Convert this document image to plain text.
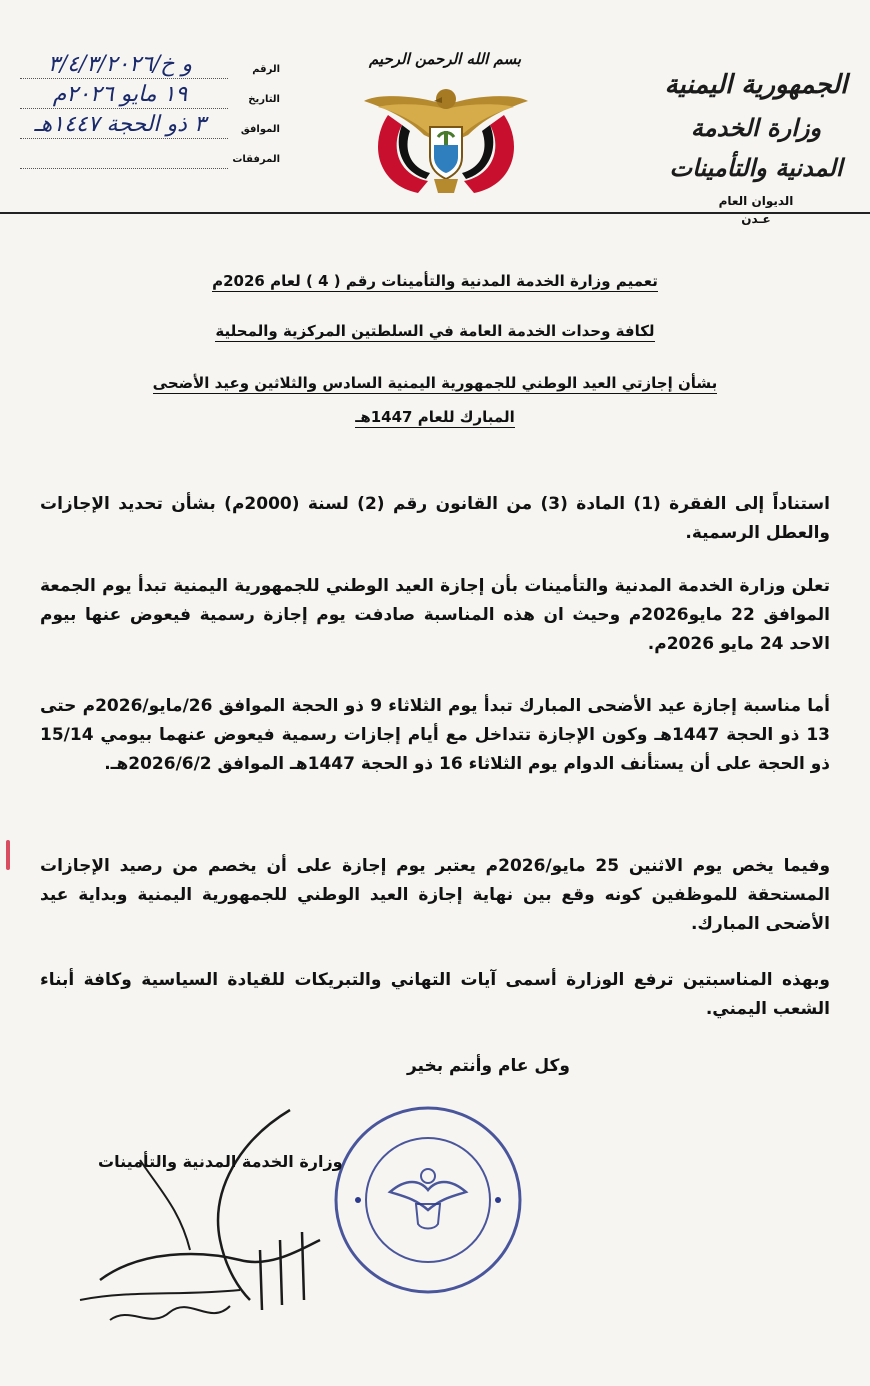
الجمهورية اليمنية
وزارة الخدمة المدنية والتأمينات
الديوان العام
عـدن
بسم الله الرحمن الرحيم
الرقم
و خ/٣/٤/٣/٢٠٢٦
التاريخ
١٩ مايو ٢٠٢٦م
الموافق
٣ ذو الحجة ١٤٤٧هـ
المرفقات
تعميم وزارة الخدمة المدنية والتأمينات رقم ( 4 ) لعام 2026م
لكافة وحدات الخدمة العامة في السلطتين المركزية والمحلية
بشأن إجازتي العيد الوطني للجمهورية اليمنية السادس والثلاثين وعيد الأضحى
المبارك للعام 1447هـ
استناداً إلى الفقرة (1) المادة (3) من القانون رقم (2) لسنة (2000م) بشأن تحديد الإجازات والعطل الرسمية.
تعلن وزارة الخدمة المدنية والتأمينات بأن إجازة العيد الوطني للجمهورية اليمنية تبدأ يوم الجمعة الموافق 22 مايو2026م وحيث ان هذه المناسبة صادفت يوم إجازة رسمية فيعوض عنها بيوم الاحد 24 مايو 2026م.
أما مناسبة إجازة عيد الأضحى المبارك تبدأ يوم الثلاثاء 9 ذو الحجة الموافق 26/مايو/2026م حتى 13 ذو الحجة 1447هـ وكون الإجازة تتداخل مع أيام إجازات رسمية فيعوض عنهما بيومي 15/14 ذو الحجة على أن يستأنف الدوام يوم الثلاثاء 16 ذو الحجة 1447هـ الموافق 2026/6/2هـ.
وفيما يخص يوم الاثنين 25 مايو/2026م يعتبر يوم إجازة على أن يخصم من رصيد الإجازات المستحقة للموظفين كونه وقع بين نهاية إجازة العيد الوطني للجمهورية اليمنية وبداية عيد الأضحى المبارك.
وبهذه المناسبتين ترفع الوزارة أسمى آيات التهاني والتبريكات للقيادة السياسية وكافة أبناء الشعب اليمني.
وكل عام وأنتم بخير
وزارة الخدمة المدنية والتأمينات
